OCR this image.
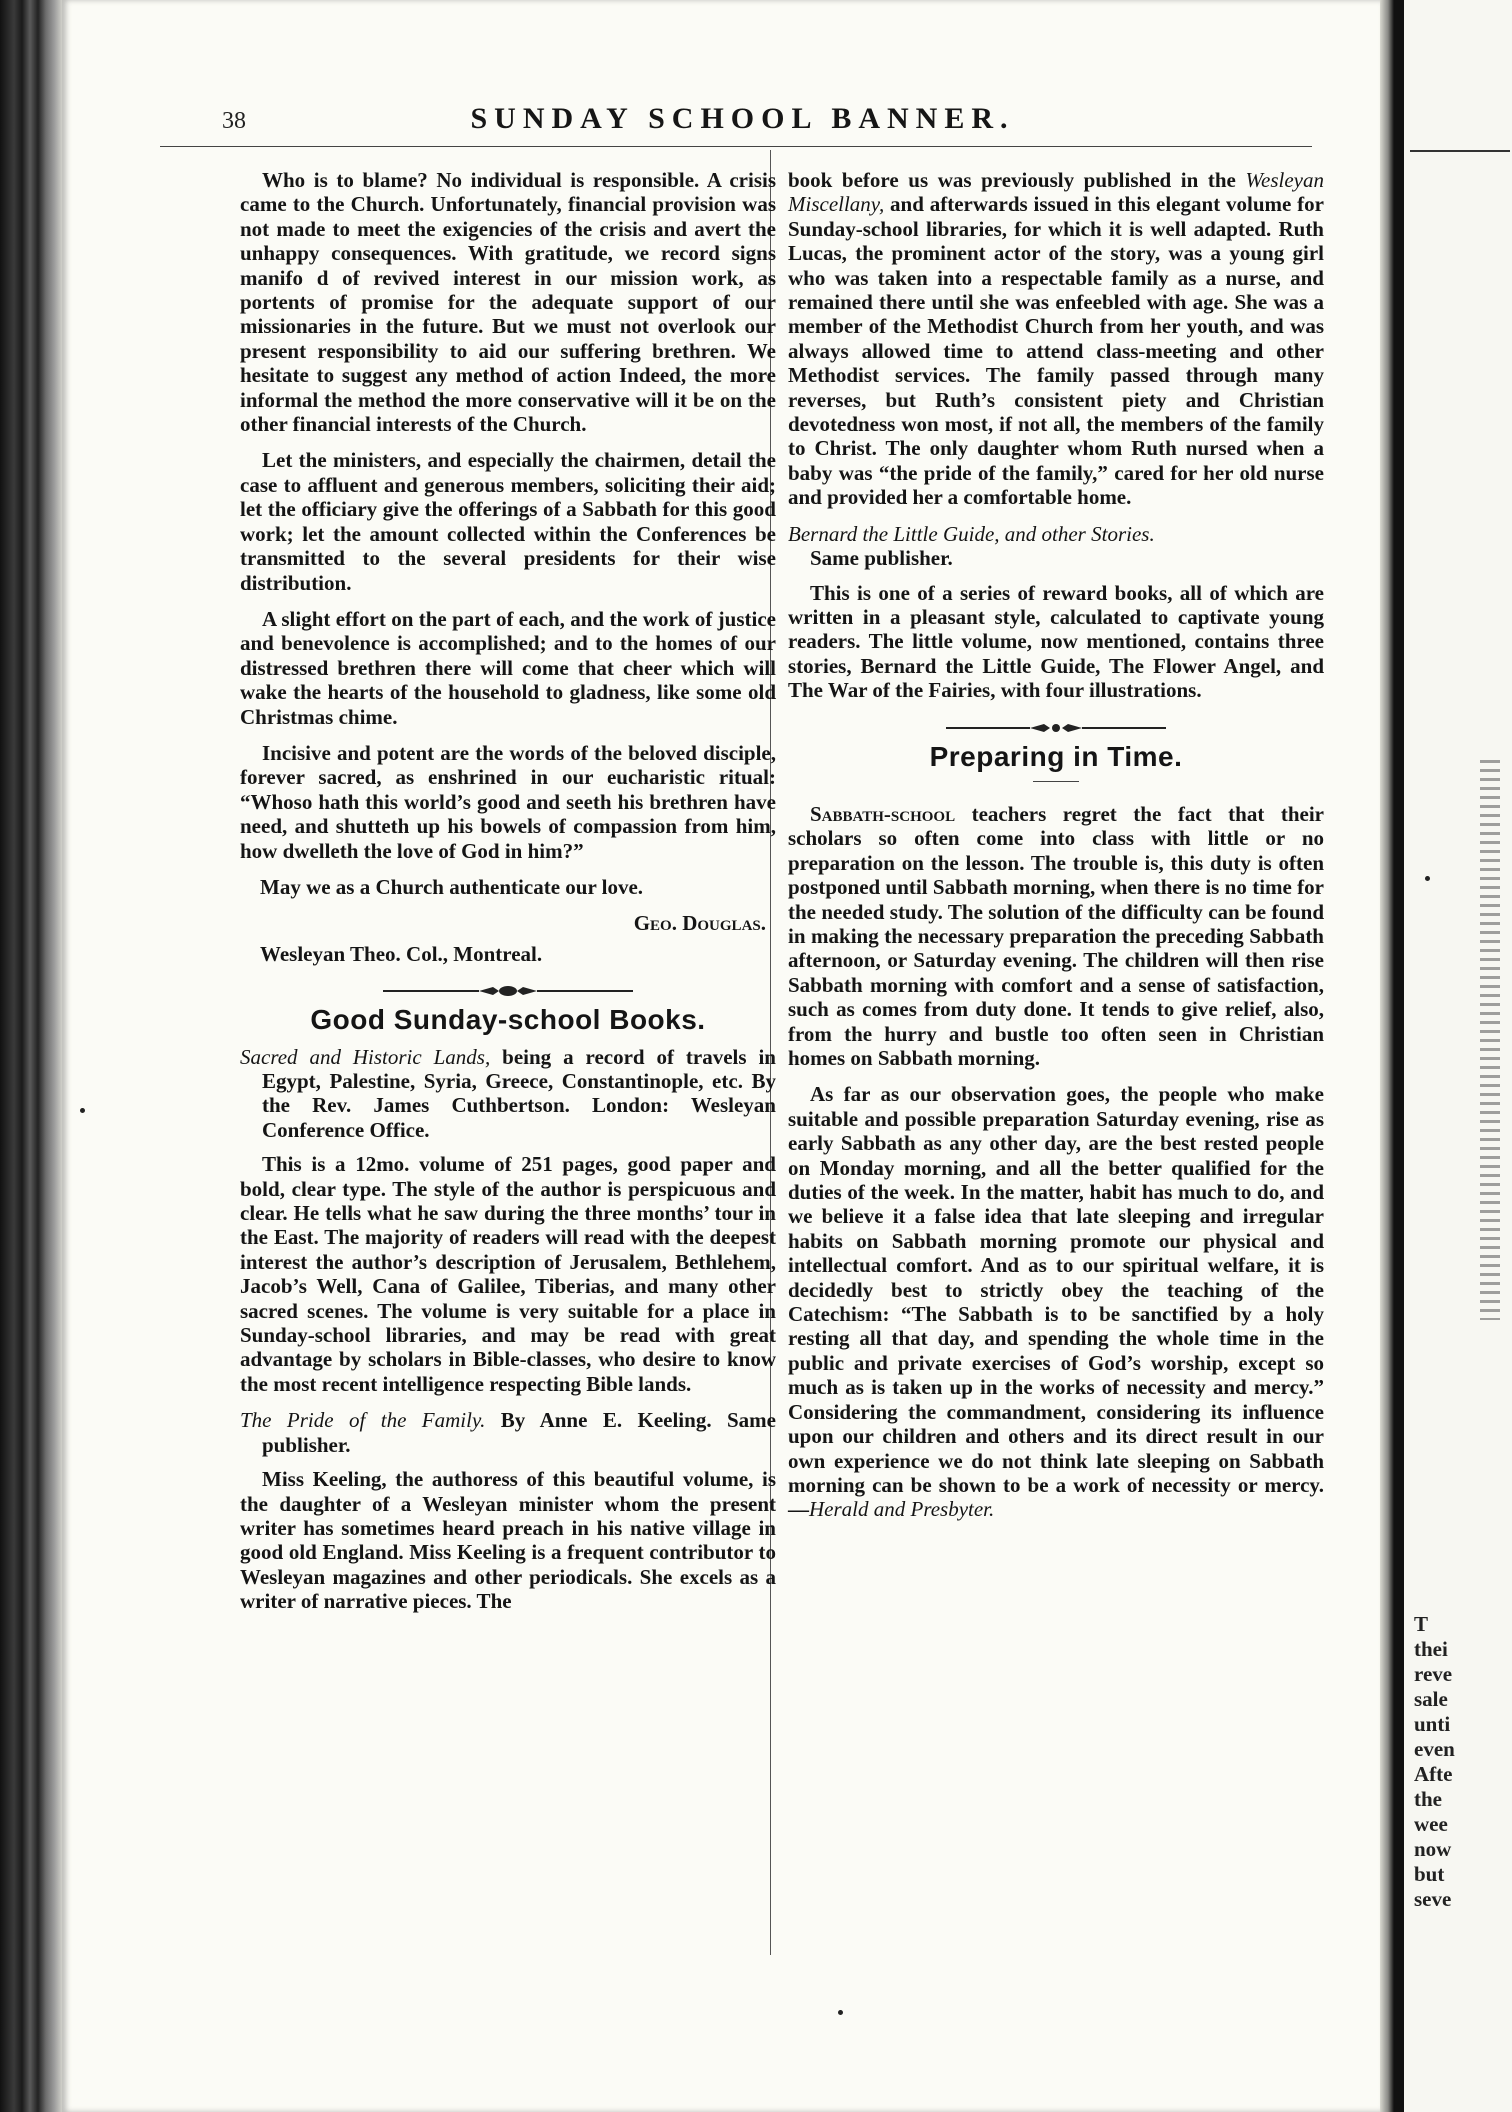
T
thei
reve
sale
unti
even
Afte
the
wee
now
but
seve
38	SUNDAY SCHOOL BANNER.

Who is to blame? No individual is responsible. A crisis came to the Church. Unfortunately, financial provision was not made to meet the exigencies of the crisis and avert the unhappy consequences. With gratitude, we record signs manifo d of revived interest in our mission work, as portents of promise for the adequate support of our missionaries in the future. But we must not overlook our present responsibility to aid our suffering brethren. We hesitate to suggest any method of action Indeed, the more informal the method the more conservative will it be on the other financial interests of the Church.

Let the ministers, and especially the chairmen, detail the case to affluent and generous members, soliciting their aid; let the officiary give the offerings of a Sabbath for this good work; let the amount collected within the Conferences be transmitted to the several presidents for their wise distribution.

A slight effort on the part of each, and the work of justice and benevolence is accomplished; and to the homes of our distressed brethren there will come that cheer which will wake the hearts of the household to gladness, like some old Christmas chime.

Incisive and potent are the words of the beloved disciple, forever sacred, as enshrined in our eucharistic ritual: “Whoso hath this world’s good and seeth his brethren have need, and shutteth up his bowels of compassion from him, how dwelleth the love of God in him?”

May we as a Church authenticate our love.

Geo. Douglas.

Wesleyan Theo. Col., Montreal.

Good Sunday-school Books.

Sacred and Historic Lands, being a record of travels in Egypt, Palestine, Syria, Greece, Constantinople, etc. By the Rev. James Cuthbertson. London: Wesleyan Conference Office.

This is a 12mo. volume of 251 pages, good paper and bold, clear type. The style of the author is perspicuous and clear. He tells what he saw during the three months’ tour in the East. The majority of readers will read with the deepest interest the author’s description of Jerusalem, Bethlehem, Jacob’s Well, Cana of Galilee, Tiberias, and many other sacred scenes. The volume is very suitable for a place in Sunday-school libraries, and may be read with great advantage by scholars in Bible-classes, who desire to know the most recent intelligence respecting Bible lands.

The Pride of the Family. By Anne E. Keeling. Same publisher.

Miss Keeling, the authoress of this beautiful volume, is the daughter of a Wesleyan minister whom the present writer has sometimes heard preach in his native village in good old England. Miss Keeling is a frequent contributor to Wesleyan magazines and other periodicals. She excels as a writer of narrative pieces. The

book before us was previously published in the Wesleyan Miscellany, and afterwards issued in this elegant volume for Sunday-school libraries, for which it is well adapted. Ruth Lucas, the prominent actor of the story, was a young girl who was taken into a respectable family as a nurse, and remained there until she was enfeebled with age. She was a member of the Methodist Church from her youth, and was always allowed time to attend class-meeting and other Methodist services. The family passed through many reverses, but Ruth’s consistent piety and Christian devotedness won most, if not all, the members of the family to Christ. The only daughter whom Ruth nursed when a baby was “the pride of the family,” cared for her old nurse and provided her a comfortable home.

Bernard the Little Guide, and other Stories.
Same publisher.

This is one of a series of reward books, all of which are written in a pleasant style, calculated to captivate young readers. The little volume, now mentioned, contains three stories, Bernard the Little Guide, The Flower Angel, and The War of the Fairies, with four illustrations.

Preparing in Time.

Sabbath-school teachers regret the fact that their scholars so often come into class with little or no preparation on the lesson. The trouble is, this duty is often postponed until Sabbath morning, when there is no time for the needed study. The solution of the difficulty can be found in making the necessary preparation the preceding Sabbath afternoon, or Saturday evening. The children will then rise Sabbath morning with comfort and a sense of satisfaction, such as comes from duty done. It tends to give relief, also, from the hurry and bustle too often seen in Christian homes on Sabbath morning.

As far as our observation goes, the people who make suitable and possible preparation Saturday evening, rise as early Sabbath as any other day, are the best rested people on Monday morning, and all the better qualified for the duties of the week. In the matter, habit has much to do, and we believe it a false idea that late sleeping and irregular habits on Sabbath morning promote our physical and intellectual comfort. And as to our spiritual welfare, it is decidedly best to strictly obey the teaching of the Catechism: “The Sabbath is to be sanctified by a holy resting all that day, and spending the whole time in the public and private exercises of God’s worship, except so much as is taken up in the works of necessity and mercy.” Considering the commandment, considering its influence upon our children and others and its direct result in our own experience we do not think late sleeping on Sabbath morning can be shown to be a work of necessity or mercy.—Herald and Presbyter.
